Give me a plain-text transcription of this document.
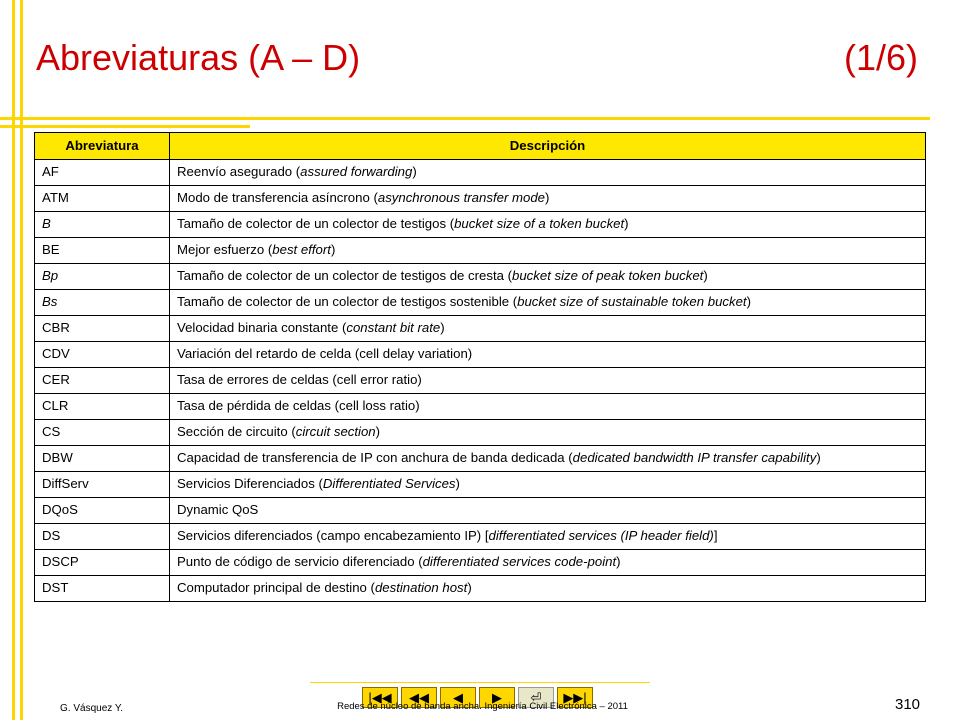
Abreviaturas (A – D)	(1/6)
Abreviatura	Descripción
AF	Reenvío asegurado (assured forwarding)
ATM	Modo de transferencia asíncrono (asynchronous transfer mode)
B	Tamaño de colector de un colector de testigos (bucket size of a token bucket)
BE	Mejor esfuerzo (best effort)
Bp	Tamaño de colector de un colector de testigos de cresta (bucket size of peak token bucket)
Bs	Tamaño de colector de un colector de testigos sostenible (bucket size of sustainable token bucket)
CBR	Velocidad binaria constante (constant bit rate)
CDV	Variación del retardo de celda (cell delay variation)
CER	Tasa de errores de celdas (cell error ratio)
CLR	Tasa de pérdida de celdas (cell loss ratio)
CS	Sección de circuito (circuit section)
DBW	Capacidad de transferencia de IP con anchura de banda dedicada (dedicated bandwidth IP transfer capability)
DiffServ	Servicios Diferenciados (Differentiated Services)
DQoS	Dynamic QoS
DS	Servicios diferenciados (campo encabezamiento IP) [differentiated services (IP header field)]
DSCP	Punto de código de servicio diferenciado (differentiated services code-point)
DST	Computador principal de destino (destination host)
|◀◀ ◀◀ ◀ ▶ ⏎ ▶▶|
G. Vásquez Y.	Redes de núcleo de banda ancha. Ingeniería Civil Electrónica – 2011	310
